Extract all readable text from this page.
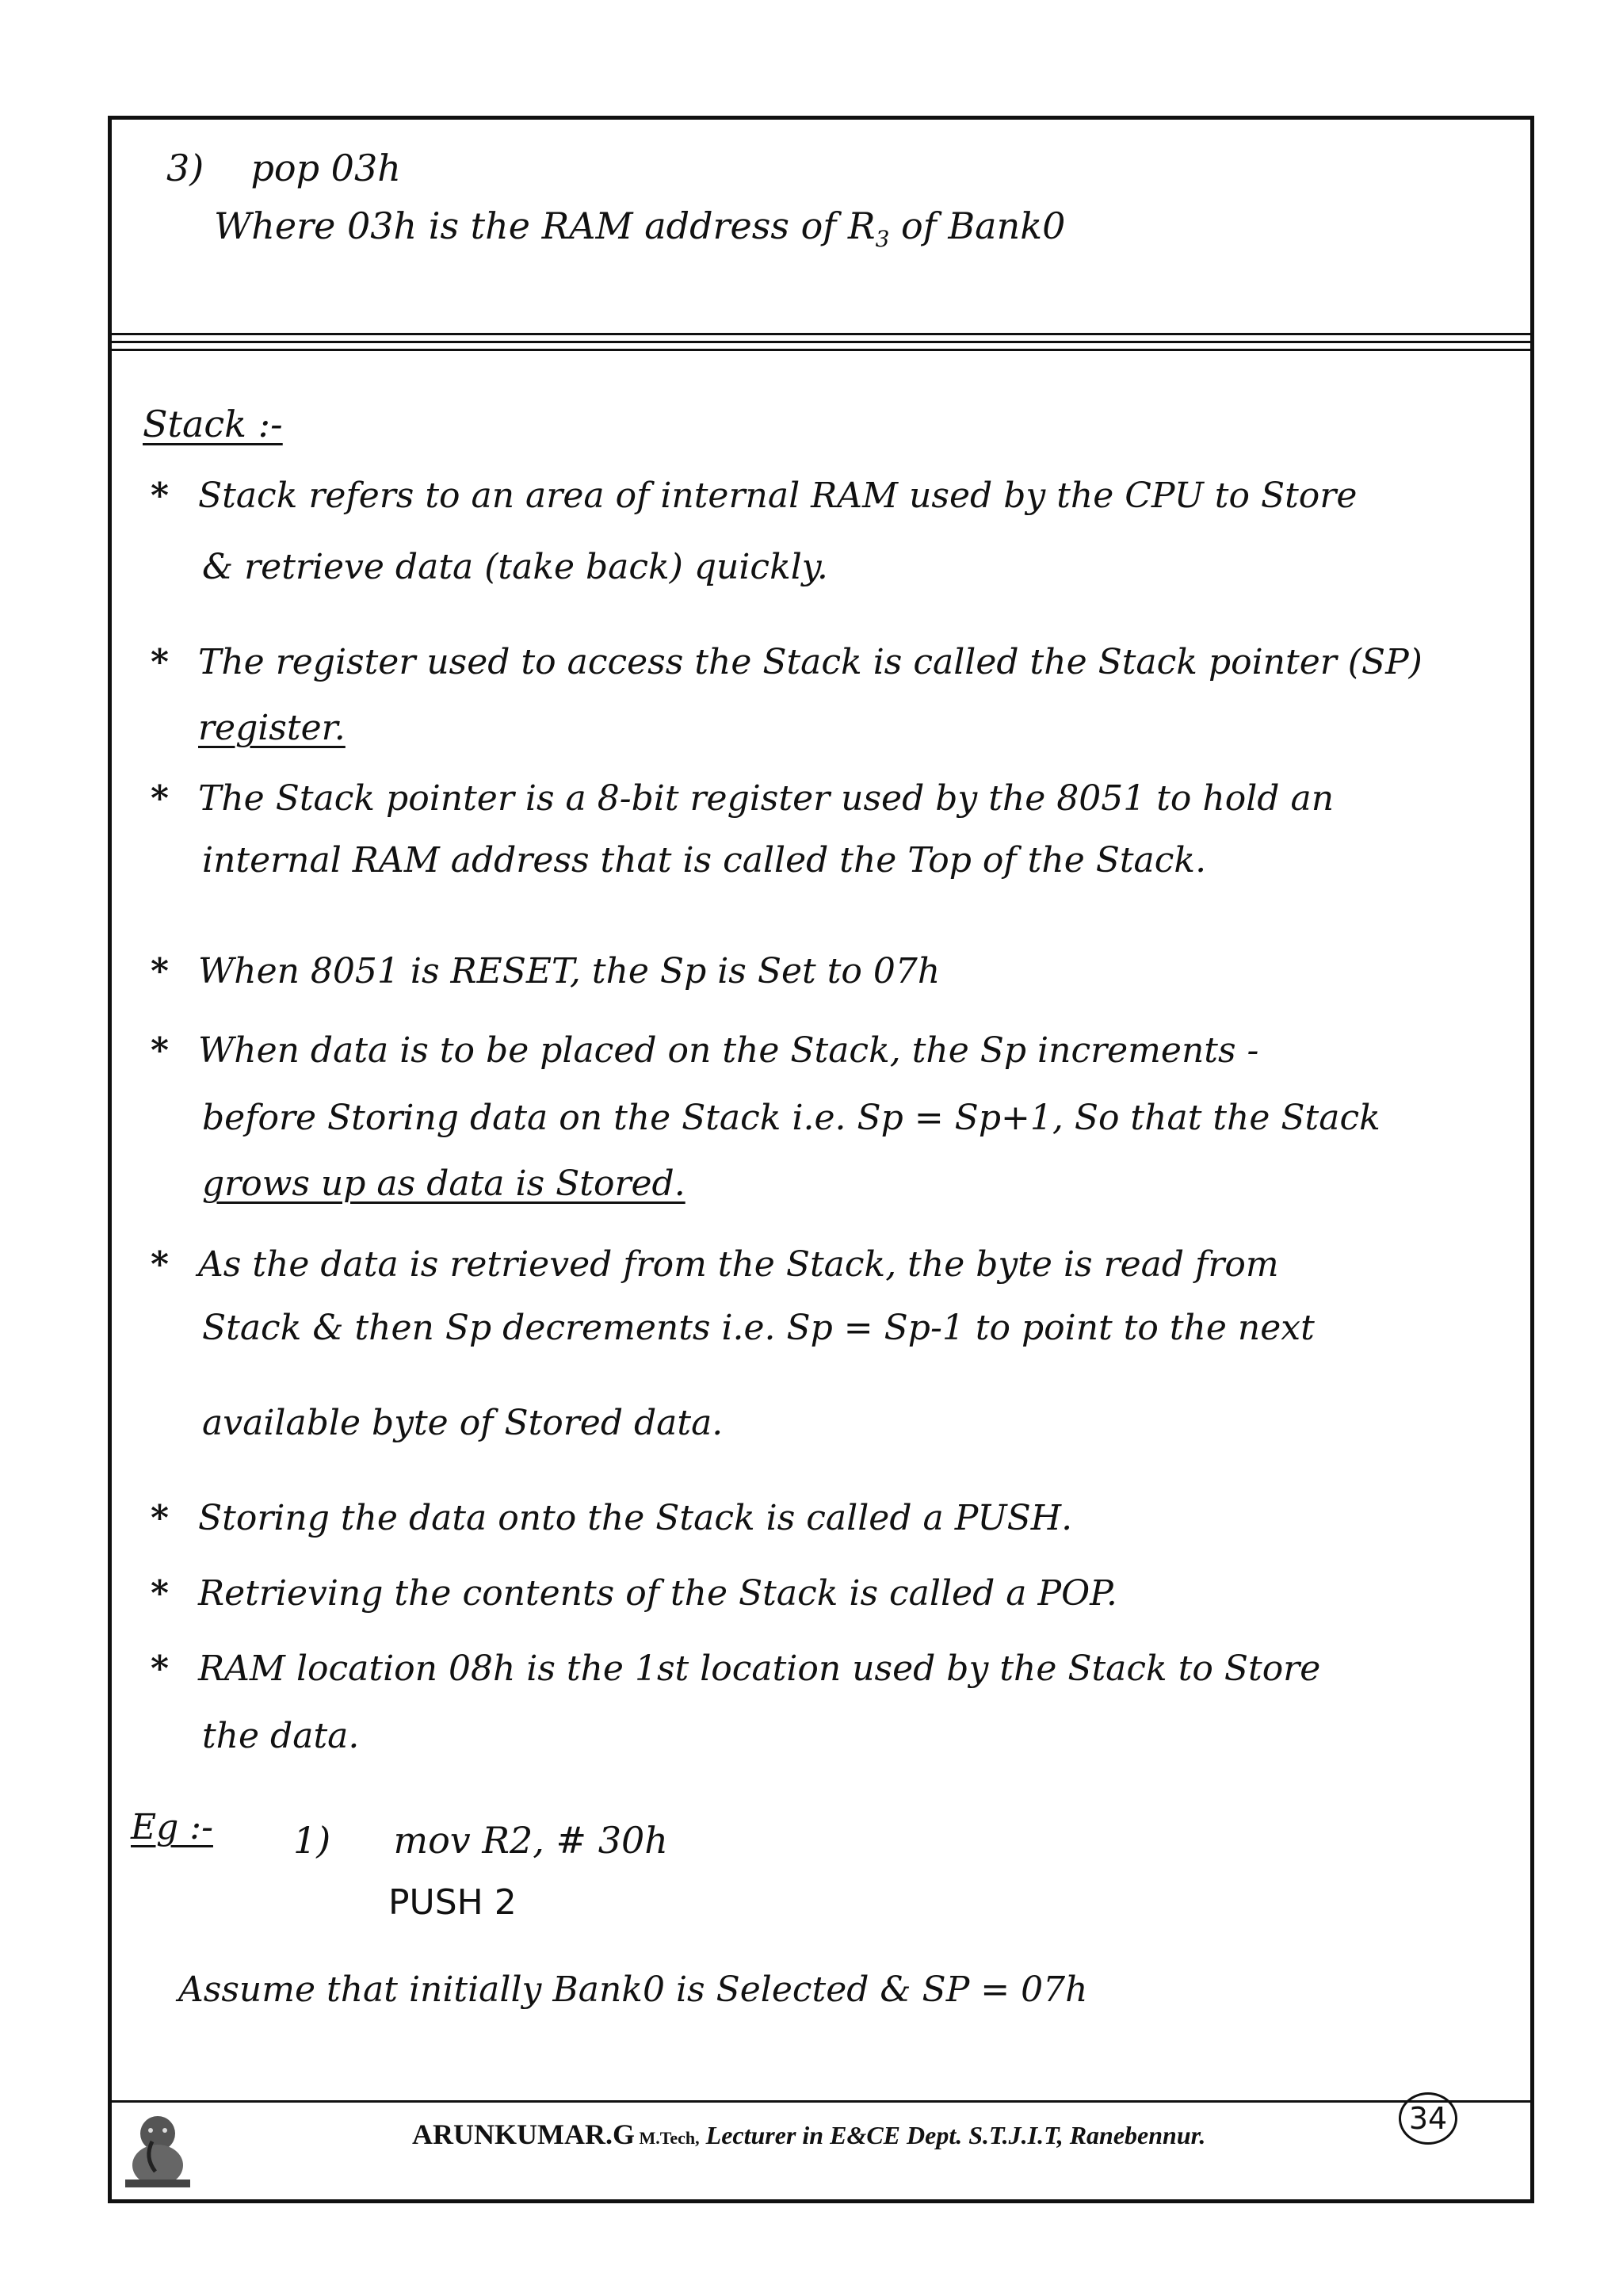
3) pop 03h
Where 03h is the RAM address of $R_3$ of Bank0
Stack :-
* Stack refers to an area of internal RAM used by the CPU to Store
& retrieve data (take back) quickly.
* The register used to access the Stack is called the Stack pointer (SP)
register.
* The Stack pointer is a 8-bit register used by the 8051 to hold an
internal RAM address that is called the Top of the Stack.
* When 8051 is RESET, the Sp is Set to 07h
* When data is to be placed on the Stack, the Sp increments -
before Storing data on the Stack i.e. Sp = Sp+1, So that the Stack
grows up as data is Stored.
* As the data is retrieved from the Stack, the byte is read from
Stack & then Sp decrements i.e. Sp = Sp-1 to point to the next
available byte of Stored data.
* Storing the data onto the Stack is called a PUSH.
* Retrieving the contents of the Stack is called a POP.
* RAM location 08h is the 1st location used by the Stack to Store
the data.
Eg :- 1) mov R2, # 30h
PUSH 2
Assume that initially Bank0 is Selected & SP = 07h
ARUNKUMAR.G M.Tech, Lecturer in E&CE Dept. S.T.J.I.T, Ranebennur.	34
